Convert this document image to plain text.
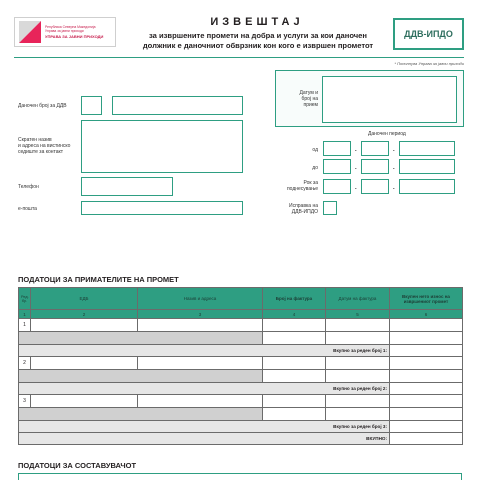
Република Северна Македонија
Управа за јавни приходи
УПРАВА ЗА ЈАВНИ ПРИХОДИ
ИЗВЕШТАЈ
за извршените промети на добра и услуги за кои даночен
должник е даночниот обврзник кон кого е извршен прометот
ДДВ-ИПДО
* Пополнува Управа за јавни приходи
Даночен број за ДДВ
Скратен назив
и адреса на вистинско
седиште за контакт
Телефон
е-пошта
Датум и
број на
прием
Даночен период
од	.	.
до	.	.
Рок за
поднесување	.	.
Исправка на
ДДВ-ИПДО
ПОДАТОЦИ ЗА ПРИМАТЕЛИТЕ НА ПРОМЕТ
Ред.
бр.	ЕДБ	Назив и адреса	Број на фактура	Датум на фактура	Вкупен нето износ на
извршениот промет
1	2	3	4	5	6
1					

Вкупно за реден број 1:					
2					

Вкупно за реден број 2:					
3					

Вкупно за реден број 3:					
ВКУПНО:					
ПОДАТОЦИ ЗА СОСТАВУВАЧОТ
